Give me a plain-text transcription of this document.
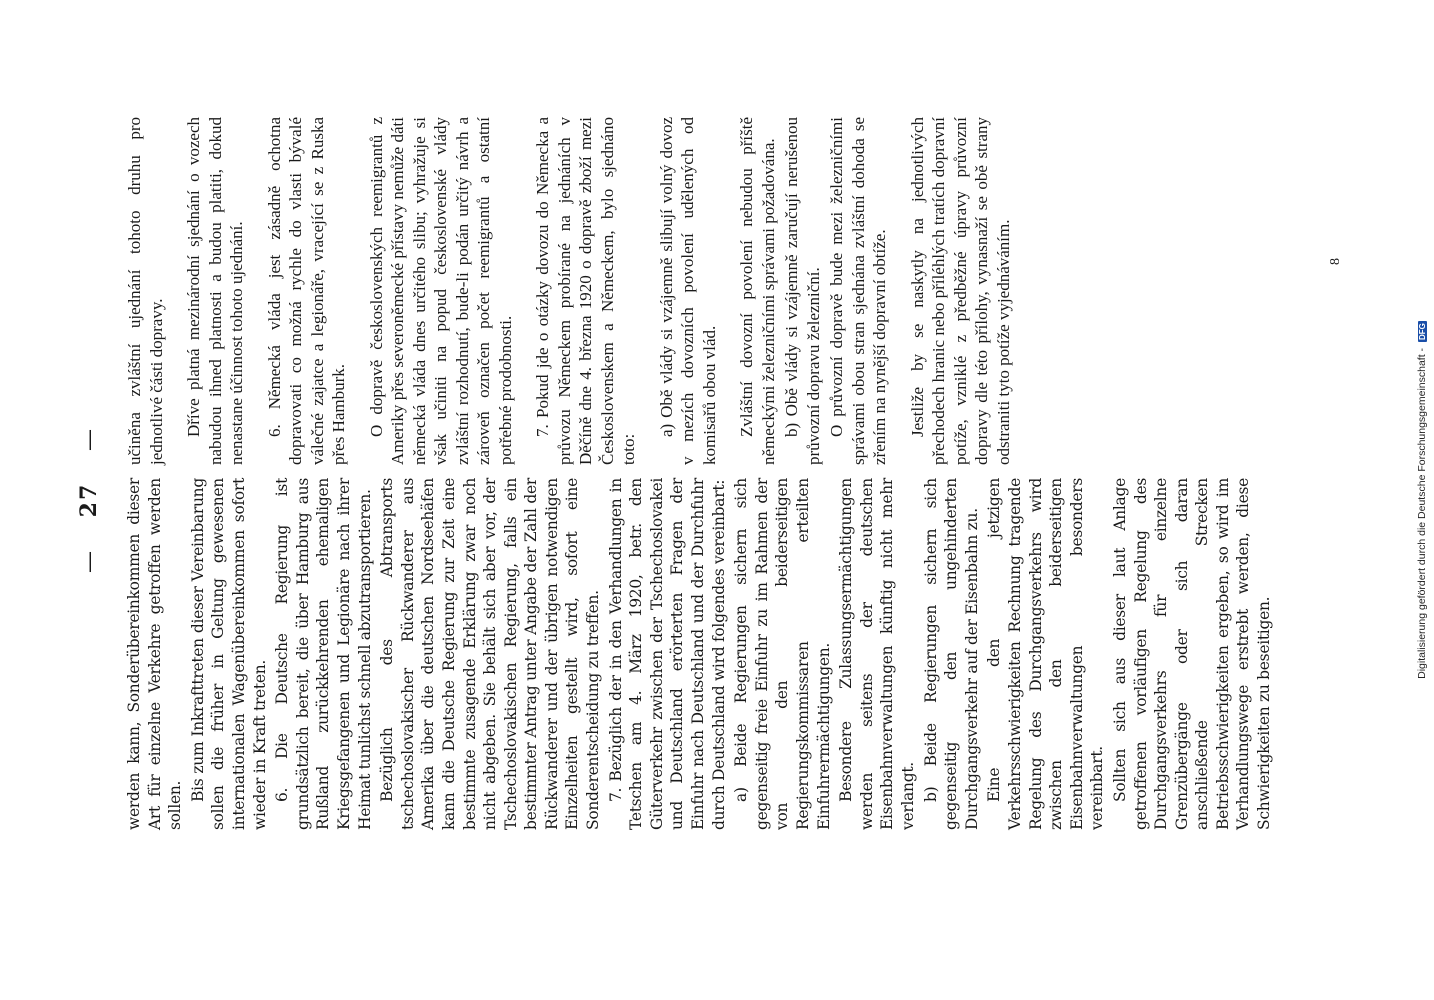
— 27 —

werden kann, Sonderübereinkommen dieser Art für einzelne Verkehre getroffen werden sollen.

Bis zum Inkrafttreten dieser Vereinbarung sollen die früher in Geltung gewesenen internationalen Wagenübereinkommen sofort wieder in Kraft treten. 6. Die Deutsche Regierung ist grundsätzlich bereit, die über Hamburg aus Rußland zurückkehrenden ehemaligen Kriegsgefangenen und Legionäre nach ihrer Heimat tunlichst schnell abzutransportieren. Bezüglich des Abtransports tschechoslovakischer Rückwanderer aus Amerika über die deutschen Nordseehäfen kann die Deutsche Regierung zur Zeit eine bestimmte zusagende Erklärung zwar noch nicht abgeben. Sie behält sich aber vor, der Tschechoslovakischen Regierung, falls ein bestimmter Antrag unter Angabe der Zahl der Rückwanderer und der übrigen notwendigen Einzelheiten gestellt wird, sofort eine Sonderentscheidung zu treffen. 7. Bezüglich der in den Verhandlungen in Tetschen am 4. März 1920, betr. den Güterverkehr zwischen der Tschechoslovakei und Deutschland erörterten Fragen der Einfuhr nach Deutschland und der Durchfuhr durch Deutschland wird folgendes vereinbart: a) Beide Regierungen sichern sich gegenseitig freie Einfuhr zu im Rahmen der von den beiderseitigen Regierungskommissaren erteilten Einfuhrermächtigungen. Besondere Zulassungsermächtigungen werden seitens der deutschen Eisenbahnverwaltungen künftig nicht mehr verlangt. b) Beide Regierungen sichern sich gegenseitig den ungehinderten Durchgangsverkehr auf der Eisenbahn zu. Eine den jetzigen Verkehrsschwierigkeiten Rechnung tragende Regelung des Durchgangsverkehrs wird zwischen den beiderseitigen Eisenbahnverwaltungen besonders vereinbart. Sollten sich aus dieser laut Anlage getroffenen vorläufigen Regelung des Durchgangsverkehrs für einzelne Grenzübergänge oder sich daran anschließende Strecken Betriebsschwierigkeiten ergeben, so wird im Verhandlungswege erstrebt werden, diese Schwierigkeiten zu beseitigen.

učiněna zvláštní ujednání tohoto druhu pro jednotlivé části dopravy. Dříve platná mezinárodní sjednání o vozech nabudou ihned platnosti a budou platiti, dokud nenastane účinnost tohoto ujednání. 6. Německá vláda jest zásadně ochotna dopravovati co možná rychle do vlasti bývalé válečné zajatce a legionáře, vracející se z Ruska přes Hamburk. O dopravě československých reemigrantů z Ameriky přes severoněmecké přístavy nemůže dáti německá vláda dnes určitého slibu; vyhražuje si však učiniti na popud československé vlády zvláštní rozhodnutí, bude-li podán určitý návrh a zároveň označen počet reemigrantů a ostatní potřebné prodobnosti. 7. Pokud jde o otázky dovozu do Německa a průvozu Německem probírané na jednáních v Děčíně dne 4. března 1920 o dopravě zboží mezi Československem a Německem, bylo sjednáno toto:

a) Obě vlády si vzájemně slibují volný dovoz v mezích dovozních povolení udělených od komisařů obou vlád. Zvláštní dovozní povolení nebudou příště německými železničními správami požadována. b) Obě vlády si vzájemně zaručují nerušenou průvozní dopravu železniční. O průvozní dopravě bude mezi železničními správami obou stran sjednána zvláštní dohoda se zřením na nynější dopravní obtíže. Jestliže by se naskytly na jednotlivých přechodech hranic nebo příléhlých tratích dopravní potíže, vzniklé z předběžné úpravy průvozní dopravy dle této přílohy, vynasnaží se obě strany odstraniti tyto potíže vyjednáváním.	8
Digitalisierung gefördert durch die Deutsche Forschungsgemeinschaft - DFG
